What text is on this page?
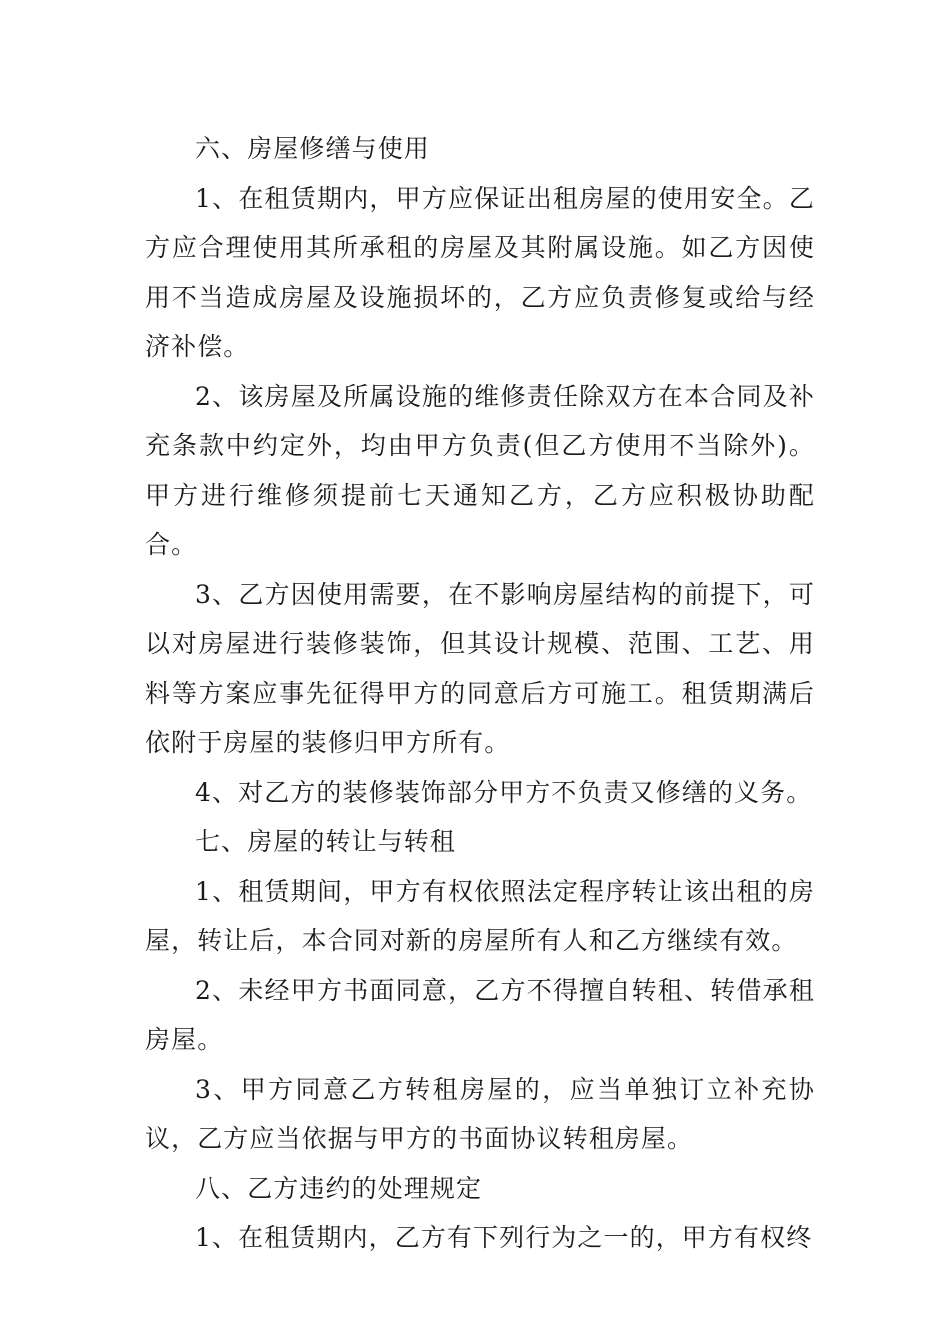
六、房屋修缮与使用

1、在租赁期内，甲方应保证出租房屋的使用安全。乙方应合理使用其所承租的房屋及其附属设施。如乙方因使用不当造成房屋及设施损坏的，乙方应负责修复或给与经济补偿。

2、该房屋及所属设施的维修责任除双方在本合同及补充条款中约定外，均由甲方负责(但乙方使用不当除外)。甲方进行维修须提前七天通知乙方，乙方应积极协助配合。

3、乙方因使用需要，在不影响房屋结构的前提下，可以对房屋进行装修装饰，但其设计规模、范围、工艺、用料等方案应事先征得甲方的同意后方可施工。租赁期满后依附于房屋的装修归甲方所有。

4、对乙方的装修装饰部分甲方不负责又修缮的义务。

七、房屋的转让与转租

1、租赁期间，甲方有权依照法定程序转让该出租的房屋，转让后，本合同对新的房屋所有人和乙方继续有效。

2、未经甲方书面同意，乙方不得擅自转租、转借承租房屋。

3、甲方同意乙方转租房屋的，应当单独订立补充协议，乙方应当依据与甲方的书面协议转租房屋。

八、乙方违约的处理规定

1、在租赁期内，乙方有下列行为之一的，甲方有权终
